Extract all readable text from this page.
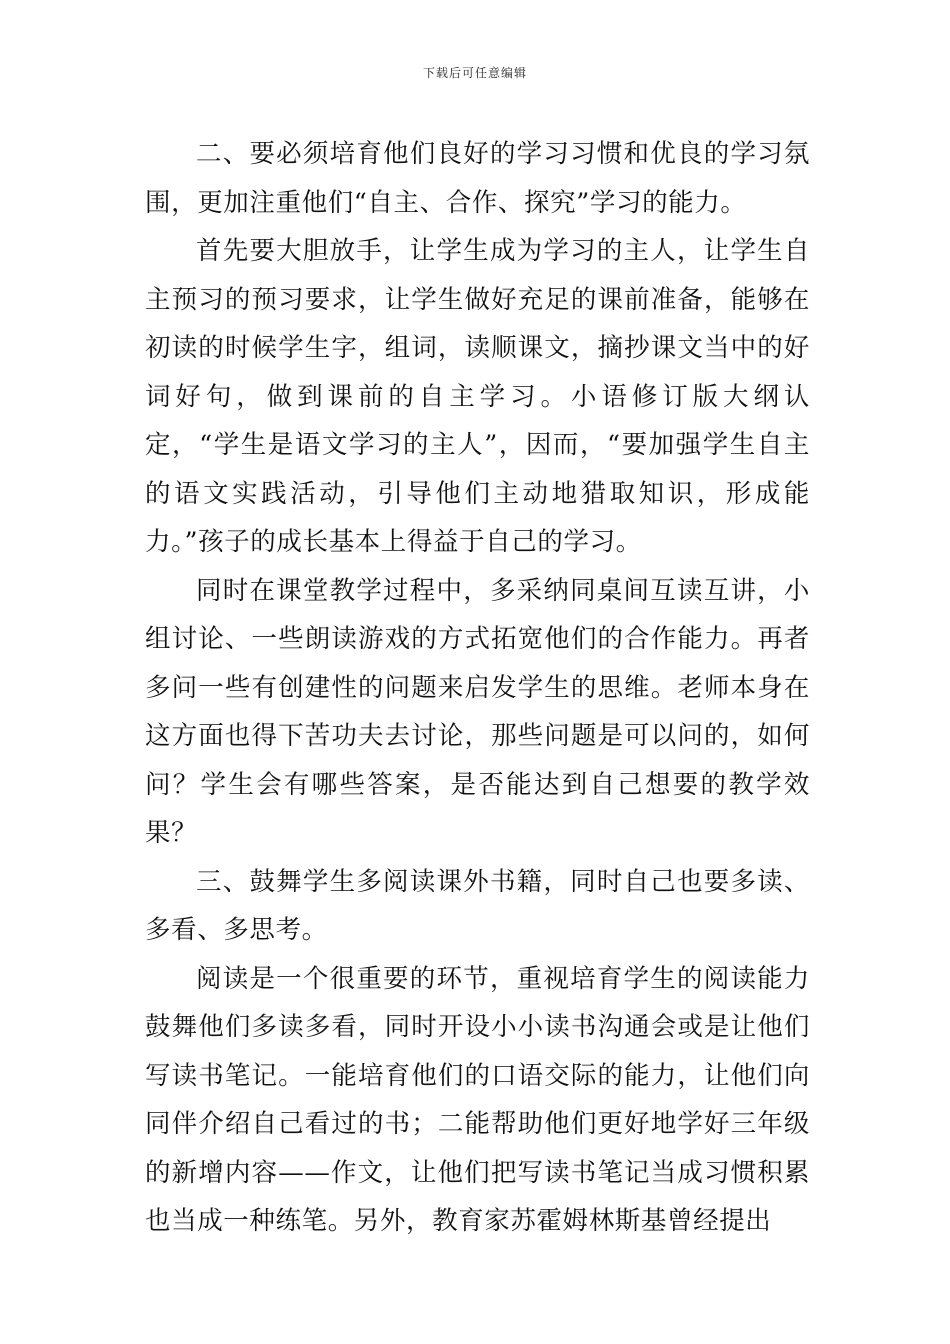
下载后可任意编辑

二、要必须培育他们良好的学习习惯和优良的学习氛围，更加注重他们“自主、合作、探究”学习的能力。

首先要大胆放手，让学生成为学习的主人，让学生自主预习的预习要求，让学生做好充足的课前准备，能够在初读的时候学生字，组词，读顺课文，摘抄课文当中的好词好句，做到课前的自主学习。小语修订版大纲认定，“学生是语文学习的主人”，因而，“要加强学生自主的语文实践活动，引导他们主动地猎取知识，形成能力。”孩子的成长基本上得益于自己的学习。

同时在课堂教学过程中，多采纳同桌间互读互讲，小组讨论、一些朗读游戏的方式拓宽他们的合作能力。再者多问一些有创建性的问题来启发学生的思维。老师本身在这方面也得下苦功夫去讨论，那些问题是可以问的，如何问？学生会有哪些答案，是否能达到自己想要的教学效果？

三、鼓舞学生多阅读课外书籍，同时自己也要多读、多看、多思考。

阅读是一个很重要的环节，重视培育学生的阅读能力鼓舞他们多读多看，同时开设小小读书沟通会或是让他们写读书笔记。一能培育他们的口语交际的能力，让他们向同伴介绍自己看过的书；二能帮助他们更好地学好三年级的新增内容——作文，让他们把写读书笔记当成习惯积累也当成一种练笔。另外，教育家苏霍姆林斯基曾经提出
